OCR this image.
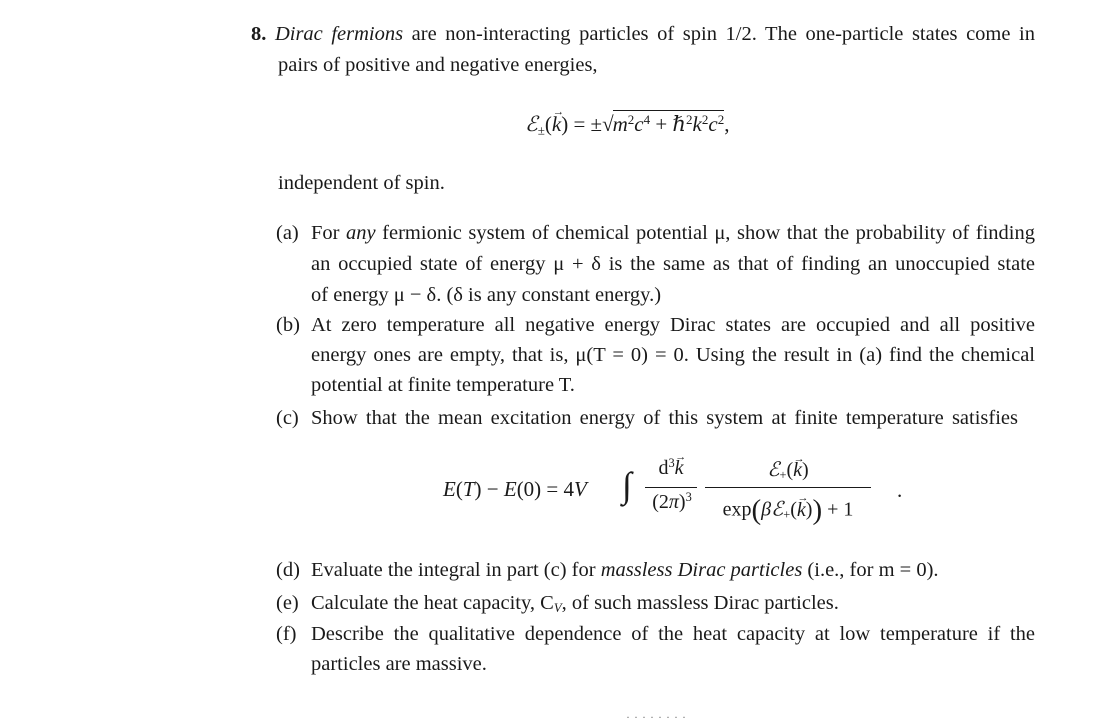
8. Dirac fermions are non-interacting particles of spin 1/2. The one-particle states come in
pairs of positive and negative energies,
ℰ$_\pm$(k →) = $\pm√m^2c^4$ + $\hbar^2k^2c^2$,
independent of spin.
(a) For any fermionic system of chemical potential μ, show that the probability of finding
an occupied state of energy μ + δ is the same as that of finding an unoccupied state
of energy μ − δ. (δ is any constant energy.)
(b) At zero temperature all negative energy Dirac states are occupied and all positive
energy ones are empty, that is, μ(T = 0) = 0. Using the result in (a) find the chemical
potential at finite temperature T.
(c) Show that the mean excitation energy of this system at finite temperature satisfies
E(T) − E(0) = 4V ∫	$d^3k$ →
$(2\pi)^3$
ℰ$_+$(k →)
exp(βℰ$_+$(k →)) + 1
.
(d) Evaluate the integral in part (c) for massless Dirac particles (i.e., for m = 0).
(e) Calculate the heat capacity, $C_V$, of such massless Dirac particles.
(f) Describe the qualitative dependence of the heat capacity at low temperature if the
particles are massive.
········
